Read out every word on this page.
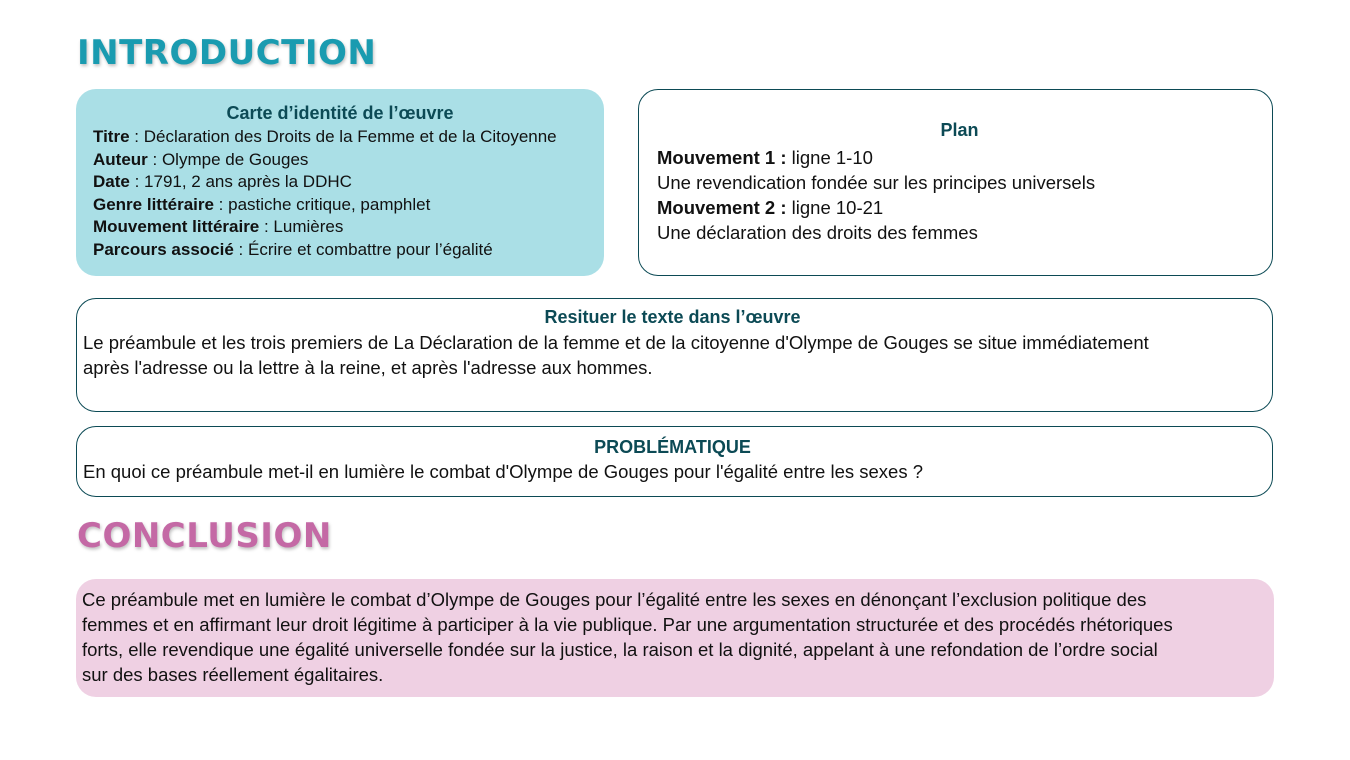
INTRODUCTION
Carte d’identité de l’œuvre
Titre : Déclaration des Droits de la Femme et de la Citoyenne
Auteur : Olympe de Gouges
Date : 1791, 2 ans après la DDHC
Genre littéraire : pastiche critique, pamphlet
Mouvement littéraire : Lumières
Parcours associé : Écrire et combattre pour l’égalité
Plan
Mouvement 1 : ligne 1-10
Une revendication fondée sur les principes universels
Mouvement 2 : ligne 10-21
Une déclaration des droits des femmes
Resituer le texte dans l’œuvre
Le préambule et les trois premiers de La Déclaration de la femme et de la citoyenne d'Olympe de Gouges se situe immédiatement
après l'adresse ou la lettre à la reine, et après l'adresse aux hommes.
PROBLÉMATIQUE
En quoi ce préambule met-il en lumière le combat d'Olympe de Gouges pour l'égalité entre les sexes ?
CONCLUSION
Ce préambule met en lumière le combat d’Olympe de Gouges pour l’égalité entre les sexes en dénonçant l’exclusion politique des
femmes et en affirmant leur droit légitime à participer à la vie publique. Par une argumentation structurée et des procédés rhétoriques
forts, elle revendique une égalité universelle fondée sur la justice, la raison et la dignité, appelant à une refondation de l’ordre social
sur des bases réellement égalitaires.
